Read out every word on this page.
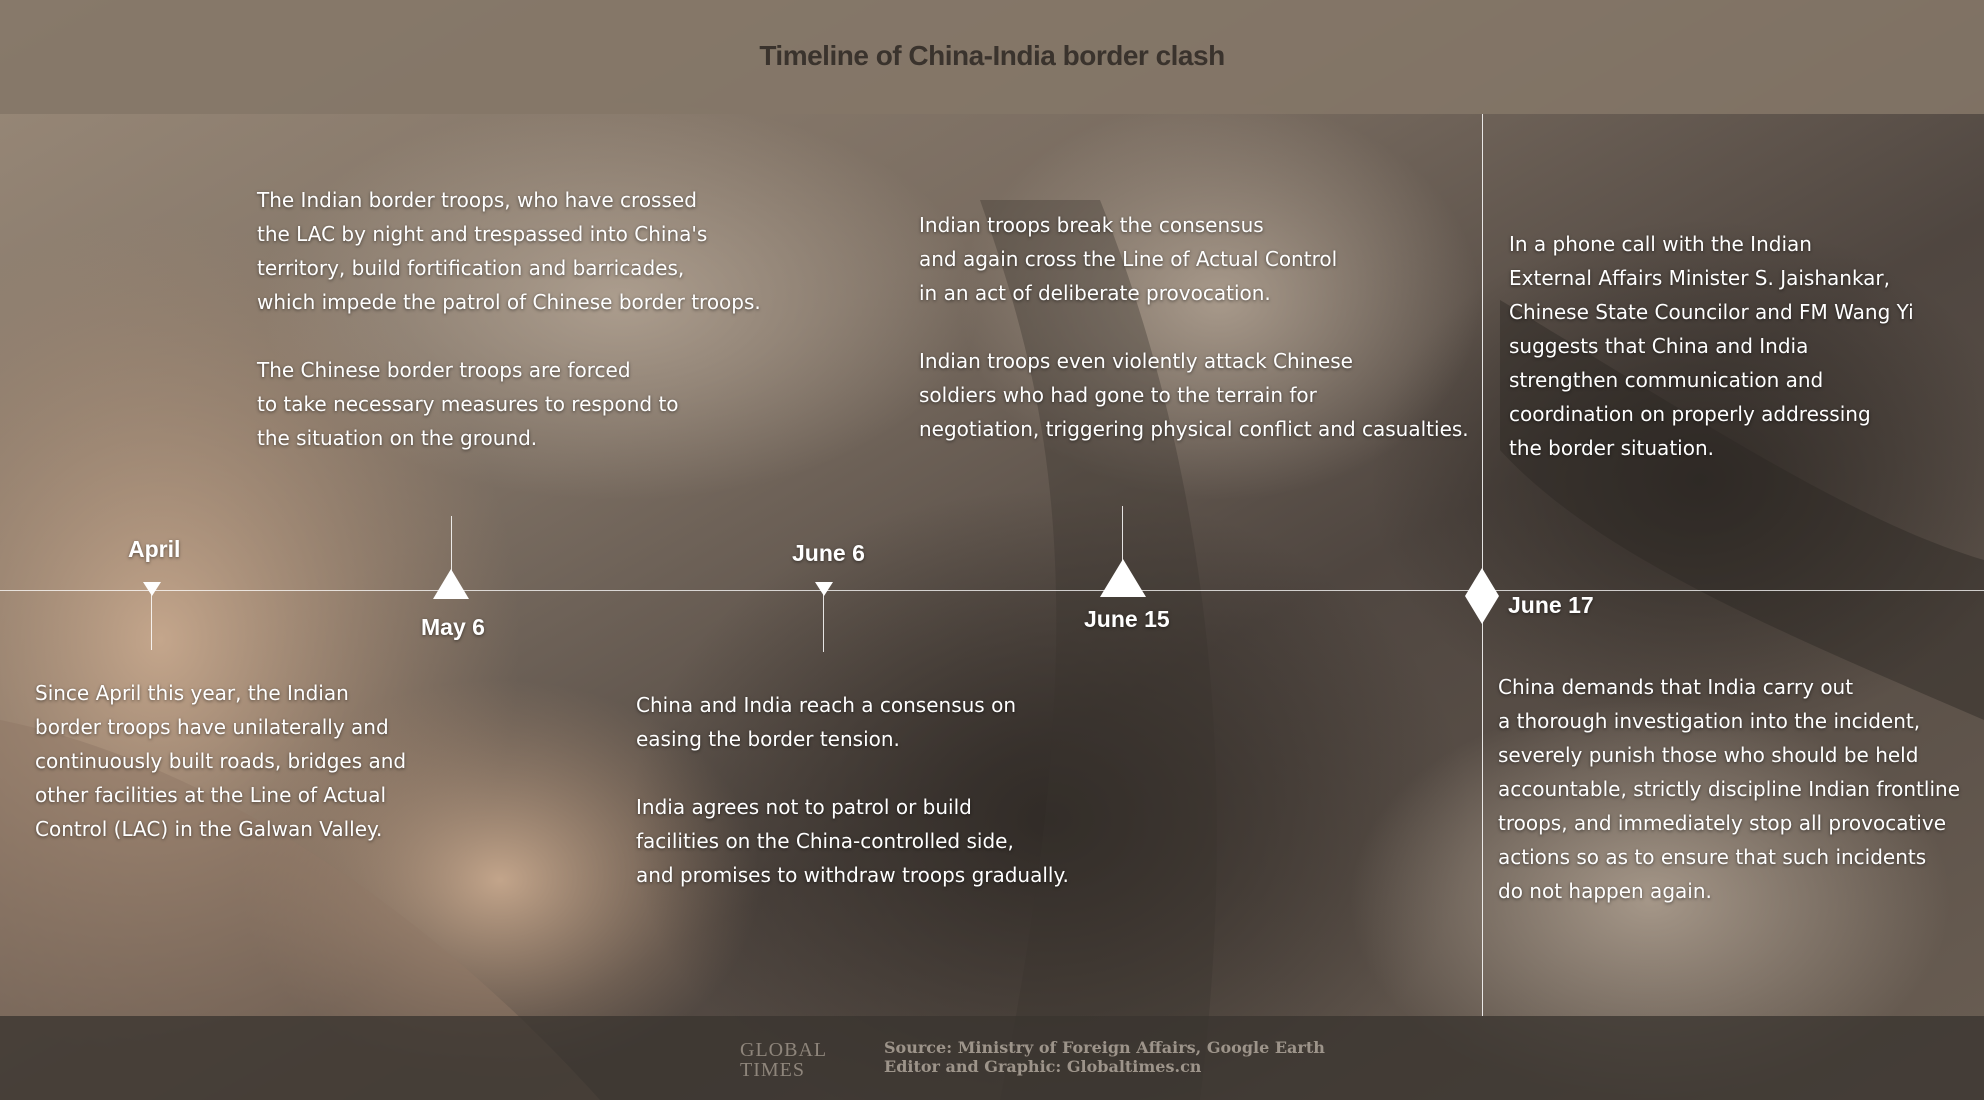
Timeline of China-India border clash
April
May 6
June 6
June 15
June 17

Since April this year, the Indian
border troops have unilaterally and
continuously built roads, bridges and
other facilities at the Line of Actual
Control (LAC) in the Galwan Valley.

The Indian border troops, who have crossed
the LAC by night and trespassed into China's
territory, build fortification and barricades,
which impede the patrol of Chinese border troops.

The Chinese border troops are forced
to take necessary measures to respond to
the situation on the ground.

China and India reach a consensus on
easing the border tension.

India agrees not to patrol or build
facilities on the China-controlled side,
and promises to withdraw troops gradually.

Indian troops break the consensus
and again cross the Line of Actual Control
in an act of deliberate provocation.

Indian troops even violently attack Chinese
soldiers who had gone to the terrain for
negotiation, triggering physical conflict and casualties.

In a phone call with the Indian
External Affairs Minister S. Jaishankar,
Chinese State Councilor and FM Wang Yi
suggests that China and India
strengthen communication and
coordination on properly addressing
the border situation.

China demands that India carry out
a thorough investigation into the incident,
severely punish those who should be held
accountable, strictly discipline Indian frontline
troops, and immediately stop all provocative
actions so as to ensure that such incidents
do not happen again.

GLOBAL
TIMES
Source: Ministry of Foreign Affairs, Google Earth
Editor and Graphic: Globaltimes.cn
